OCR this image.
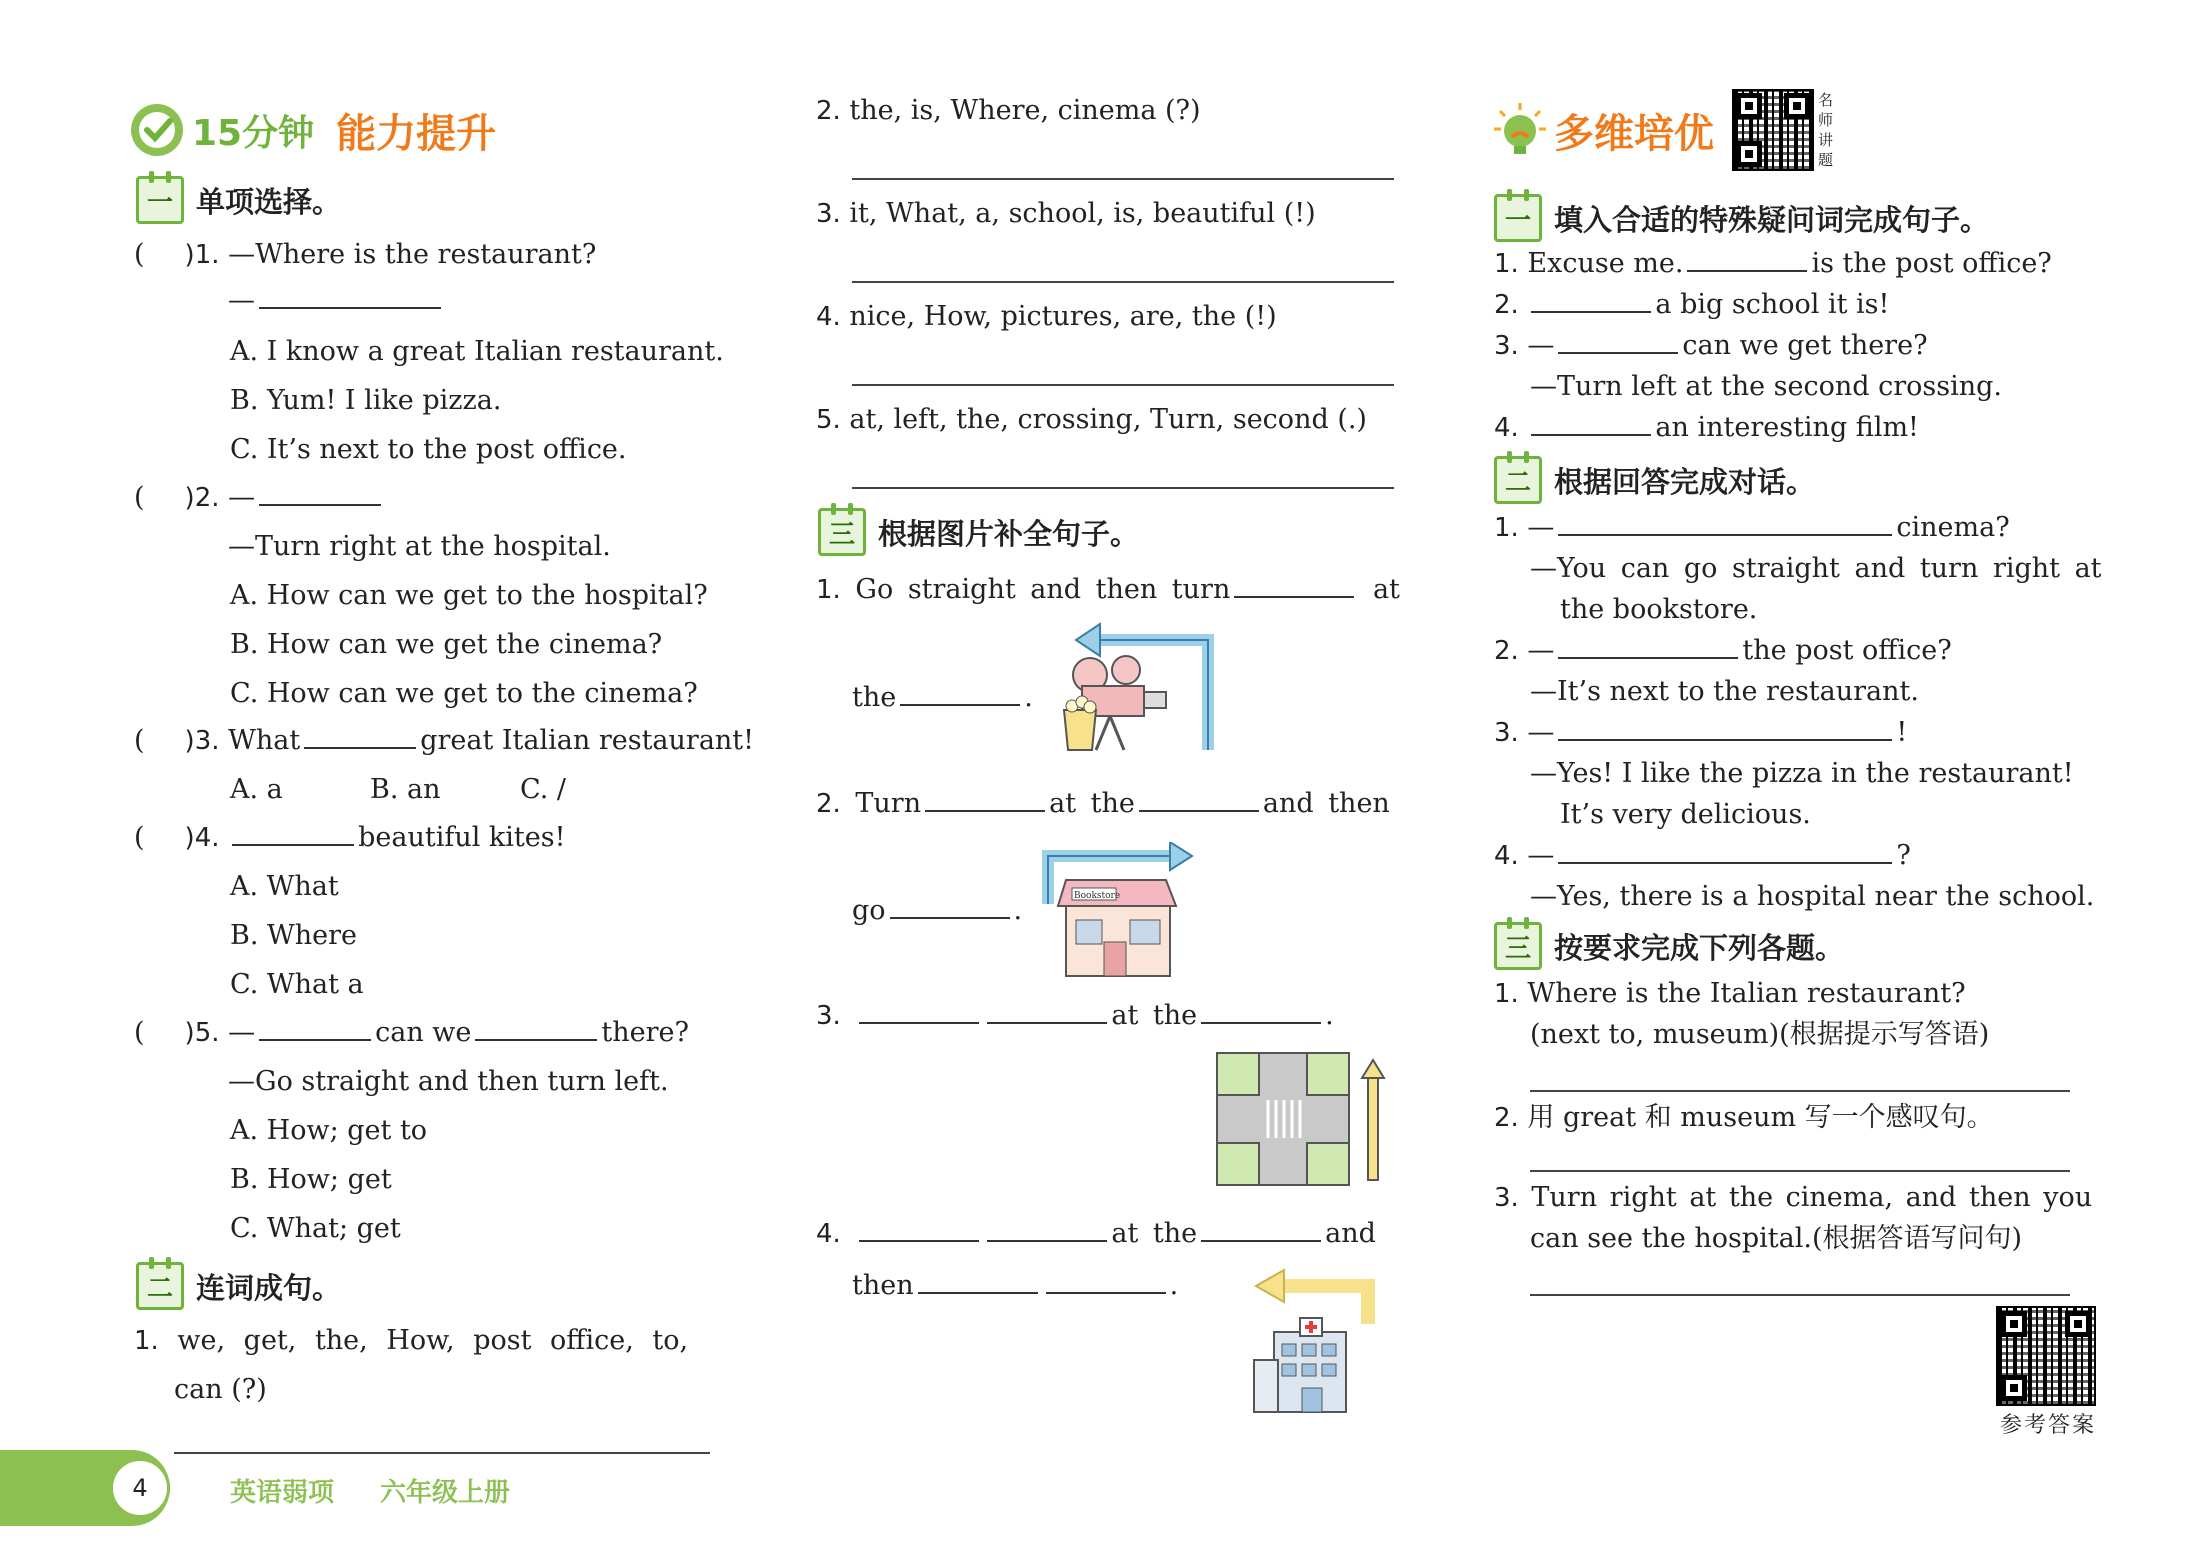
15分钟 能力提升
一 单项选择。
( )1. —Where is the restaurant?
—
A. I know a great Italian restaurant.
B. Yum! I like pizza.
C. It’s next to the post office.
( )2. —
—Turn right at the hospital.
A. How can we get to the hospital?
B. How can we get the cinema?
C. How can we get to the cinema?
( )3. What	great Italian restaurant!
A. a	B. an	C. /
( )4.	beautiful kites!
A. What
B. Where
C. What a
( )5. —	can we	there?
—Go straight and then turn left.
A. How; get to
B. How; get
C. What; get
二 连词成句。
1. we, get, the, How, post office, to,
can (?)
2. the, is, Where, cinema (?)
3. it, What, a, school, is, beautiful (!)
4. nice, How, pictures, are, the (!)
5. at, left, the, crossing, Turn, second (.)
三 根据图片补全句子。
1. Go straight and then turn	at
the	.
2. Turn	at the	and then
go	.	Bookstore
3.	at the	.
4.	at the	and
then	.
多维培优
名师讲题
一 填入合适的特殊疑问词完成句子。
1. Excuse me.	is the post office?
2.	a big school it is!
3. —	can we get there?
—Turn left at the second crossing.
4.	an interesting film!
二 根据回答完成对话。
1. —	cinema?
—You can go straight and turn right at
the bookstore.
2. —	the post office?
—It’s next to the restaurant.
3. —	!
—Yes! I like the pizza in the restaurant!
It’s very delicious.
4. —	?
—Yes, there is a hospital near the school.
三 按要求完成下列各题。
1. Where is the Italian restaurant?
(next to, museum)(根据提示写答语)
2. 用 great 和 museum 写一个感叹句。
3. Turn right at the cinema, and then you
can see the hospital.(根据答语写问句)
参考答案
4	英语弱项 六年级上册
